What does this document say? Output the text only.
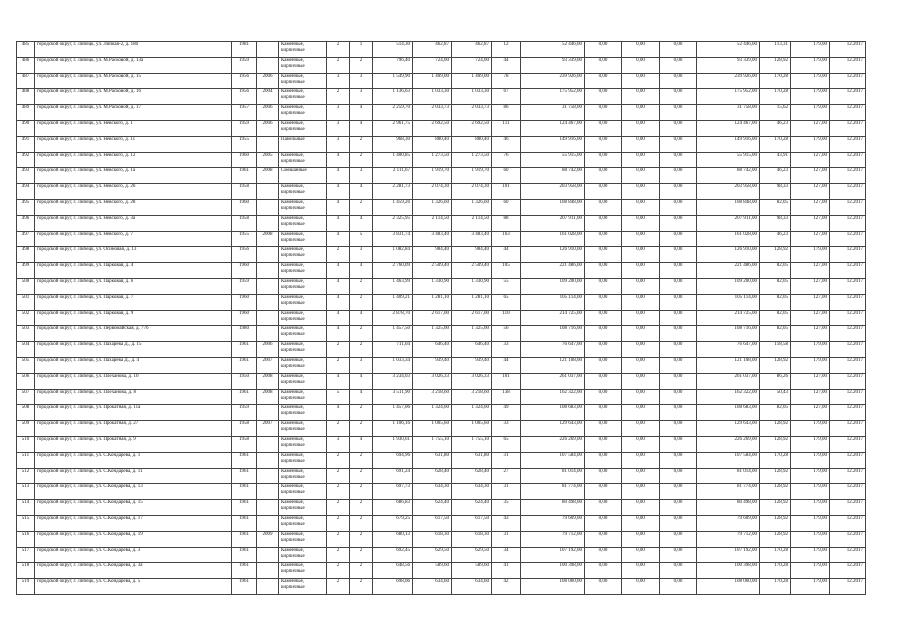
485	городской округ, г. Липецк, ул. Липкая-2, д. 180	1981		Каменные, кирпичные	2	1	514,30	462,87	462,87	12	52 446,00	0,00	0,00	0,00	52 446,00	113,31	179,00	12.2017
486	городской округ, г. Липецк, ул. М.Расковой, д. 13а	1959		Каменные, кирпичные	2	2	796,40	724,00	724,00	44	93 339,00	0,00	0,00	0,00	93 339,00	128,92	179,00	12.2017
487	городской округ, г. Липецк, ул. М.Расковой, д. 15	1956	2006	Каменные, кирпичные	3	3	1 549,90	1 409,00	1 409,00	78	239 926,00	0,00	0,00	0,00	239 926,00	170,28	179,00	12.2017
488	городской округ, г. Липецк, ул. М.Расковой, д. 16	1956	2004	Каменные, кирпичные	2	3	1 136,63	1 033,30	1 033,30	67	175 952,00	0,00	0,00	0,00	175 952,00	170,28	179,00	12.2017
489	городской округ, г. Липецк, ул. М.Расковой, д. 17	1957	2006	Каменные, кирпичные	3	4	2 259,70	2 033,73	2 033,73	86	31 758,00	0,00	0,00	0,00	31 758,00	15,62	179,00	12.2017
490	городской округ, г. Липецк, ул. Невского, д. 1	1959	2006	Каменные, кирпичные	3	4	2 961,75	2 692,50	2 692,50	111	124 467,00	0,00	0,00	0,00	124 467,00	46,23	127,00	12.2017
491	городской округ, г. Липецк, ул. Невского, д. 11	1955		Панельные	3	2	968,30	880,40	880,40	46	149 916,00	0,00	0,00	0,00	149 916,00	170,28	179,00	12.2017
492	городской округ, г. Липецк, ул. Невского, д. 12	1960	2005	Каменные, кирпичные	4	2	1 400,85	1 273,50	1 273,50	76	55 915,00	0,00	0,00	0,00	55 915,00	43,91	127,00	12.2017
493	городской округ, г. Липецк, ул. Невского, д. 1а	1961	2008	Смешанные	4	3	2 111,67	1 919,70	1 919,70	60	88 742,00	0,00	0,00	0,00	88 742,00	46,23	127,00	12.2017
494	городской округ, г. Липецк, ул. Невского, д. 26	1958		Каменные, кирпичные	4	4	2 281,73	2 074,30	2 074,30	101	203 958,00	0,00	0,00	0,00	203 958,00	98,33	127,00	12.2017
495	городской округ, г. Липецк, ул. Невского, д. 28	1960		Каменные, кирпичные	4	2	1 459,26	1 326,60	1 326,60	60	108 848,00	0,00	0,00	0,00	108 848,00	82,05	127,00	12.2017
496	городской округ, г. Липецк, ул. Невского, д. 3а	1958		Каменные, кирпичные	4	4	2 325,95	2 114,50	2 114,50	88	207 911,00	0,00	0,00	0,00	207 911,00	98,33	127,00	12.2017
497	городской округ, г. Липецк, ул. Невского, д. 7	1955	2008	Каменные, кирпичные	4	5	3 831,74	3 483,40	3 483,40	163	161 028,00	0,00	0,00	0,00	161 028,00	46,23	127,00	12.2017
498	городской округ, г. Липецк, ул. Осиновая, д. 13	1956		Каменные, кирпичные	2	3	1 082,84	984,40	984,40	44	126 910,00	0,00	0,00	0,00	126 910,00	128,92	179,00	12.2017
499	городской округ, г. Липецк, ул. Парковая, д. 4	1960		Каменные, кирпичные	4	4	2 760,09	2 509,40	2 509,40	105	221 486,00	0,00	0,00	0,00	221 486,00	82,05	127,00	12.2017
500	городской округ, г. Липецк, ул. Парковая, д. 6	1959		Каменные, кирпичные	4	2	1 463,99	1 330,90	1 330,90	55	109 200,00	0,00	0,00	0,00	109 200,00	82,05	127,00	12.2017
501	городской округ, г. Липецк, ул. Парковая, д. 7	1960		Каменные, кирпичные	4	2	1 409,21	1 281,10	1 281,10	65	105 114,00	0,00	0,00	0,00	105 114,00	82,05	127,00	12.2017
502	городской округ, г. Липецк, ул. Парковая, д. 9	1960		Каменные, кирпичные	4	4	2 878,70	2 617,00	2 617,00	110	214 725,00	0,00	0,00	0,00	214 725,00	82,05	127,00	12.2017
503	городской округ, г. Липецк, ул. Первомайская, д. 77б	1980		Каменные, кирпичные	4	2	1 457,50	1 325,00	1 325,00	56	108 716,00	0,00	0,00	0,00	108 716,00	82,05	127,00	12.2017
504	городской округ, г. Липецк, ул. Пахарева Д., д. 15	1961	2006	Каменные, кирпичные	2	2	711,04	646,40	646,40	33	76 647,00	0,00	0,00	0,00	76 647,00	118,58	179,00	12.2017
505	городской округ, г. Липецк, ул. Пахарева Д., д. 4	1961	2007	Каменные, кирпичные	2	3	1 033,34	939,40	939,40	44	121 108,00	0,00	0,00	0,00	121 108,00	128,92	179,00	12.2017
506	городской округ, г. Липецк, ул. Плеханова, д. 10	1950	2008	Каменные, кирпичные	4	4	3 234,03	3 026,33	3 026,33	101	261 037,00	0,00	0,00	0,00	261 037,00	86,26	127,00	12.2017
507	городской округ, г. Липецк, ул. Плеханова, д. 8	1961	2008	Каменные, кирпичные	5	4	3 511,90	3 218,60	3 218,60	138	162 322,00	0,00	0,00	0,00	162 322,00	50,43	127,00	12.2017
508	городской округ, г. Липецк, ул. Прокатная, д. 11а	1959		Каменные, кирпичные	4	2	1 457,06	1 324,60	1 324,60	49	108 683,00	0,00	0,00	0,00	108 683,00	82,05	127,00	12.2017
509	городской округ, г. Липецк, ул. Прокатная, д. 27	1958	2007	Каменные, кирпичные	2	2	1 106,16	1 005,60	1 005,60	33	129 643,00	0,00	0,00	0,00	129 643,00	128,92	179,00	12.2017
510	городской округ, г. Липецк, ул. Прокатная, д. 9	1958		Каменные, кирпичные	3	4	1 930,61	1 755,10	1 755,10	65	226 269,00	0,00	0,00	0,00	226 269,00	128,92	179,00	12.2017
511	городской округ, г. Липецк, ул. С.Кондарева, д. 1	1961		Каменные, кирпичные	2	2	694,96	631,80	631,80	31	107 584,00	0,00	0,00	0,00	107 584,00	170,28	179,00	12.2017
512	городской округ, г. Липецк, ул. С.Кондарева, д. 11	1961		Каменные, кирпичные	2	2	691,24	628,40	628,40	27	81 014,00	0,00	0,00	0,00	81 014,00	128,92	179,00	12.2017
513	городской округ, г. Липецк, ул. С.Кондарева, д. 13	1961		Каменные, кирпичные	2	2	697,73	634,30	634,30	31	81 774,00	0,00	0,00	0,00	81 774,00	128,92	179,00	12.2017
514	городской округ, г. Липецк, ул. С.Кондарева, д. 15	1961		Каменные, кирпичные	2	2	686,83	624,40	624,40	35	80 498,00	0,00	0,00	0,00	80 498,00	128,92	179,00	12.2017
515	городской округ, г. Липецк, ул. С.Кондарева, д. 17	1961		Каменные, кирпичные	2	2	679,25	617,50	617,50	43	79 609,00	0,00	0,00	0,00	79 609,00	128,92	179,00	12.2017
516	городской округ, г. Липецк, ул. С.Кондарева, д. 19	1961	2009	Каменные, кирпичные	2	2	680,13	618,30	618,30	31	79 712,00	0,00	0,00	0,00	79 712,00	128,92	179,00	12.2017
517	городской округ, г. Липецк, ул. С.Кондарева, д. 3	1961		Каменные, кирпичные	2	2	692,45	629,50	629,50	34	107 192,00	0,00	0,00	0,00	107 192,00	170,28	179,00	12.2017
518	городской округ, г. Липецк, ул. С.Кондарева, д. 3а	1961		Каменные, кирпичные	2	2	648,56	589,60	589,60	41	100 398,00	0,00	0,00	0,00	100 398,00	170,28	179,00	12.2017
519	городской округ, г. Липецк, ул. С.Кондарева, д. 5	1961		Каменные, кирпичные	2	2	698,06	634,60	634,60	42	108 060,00	0,00	0,00	0,00	108 060,00	170,28	179,00	12.2017
